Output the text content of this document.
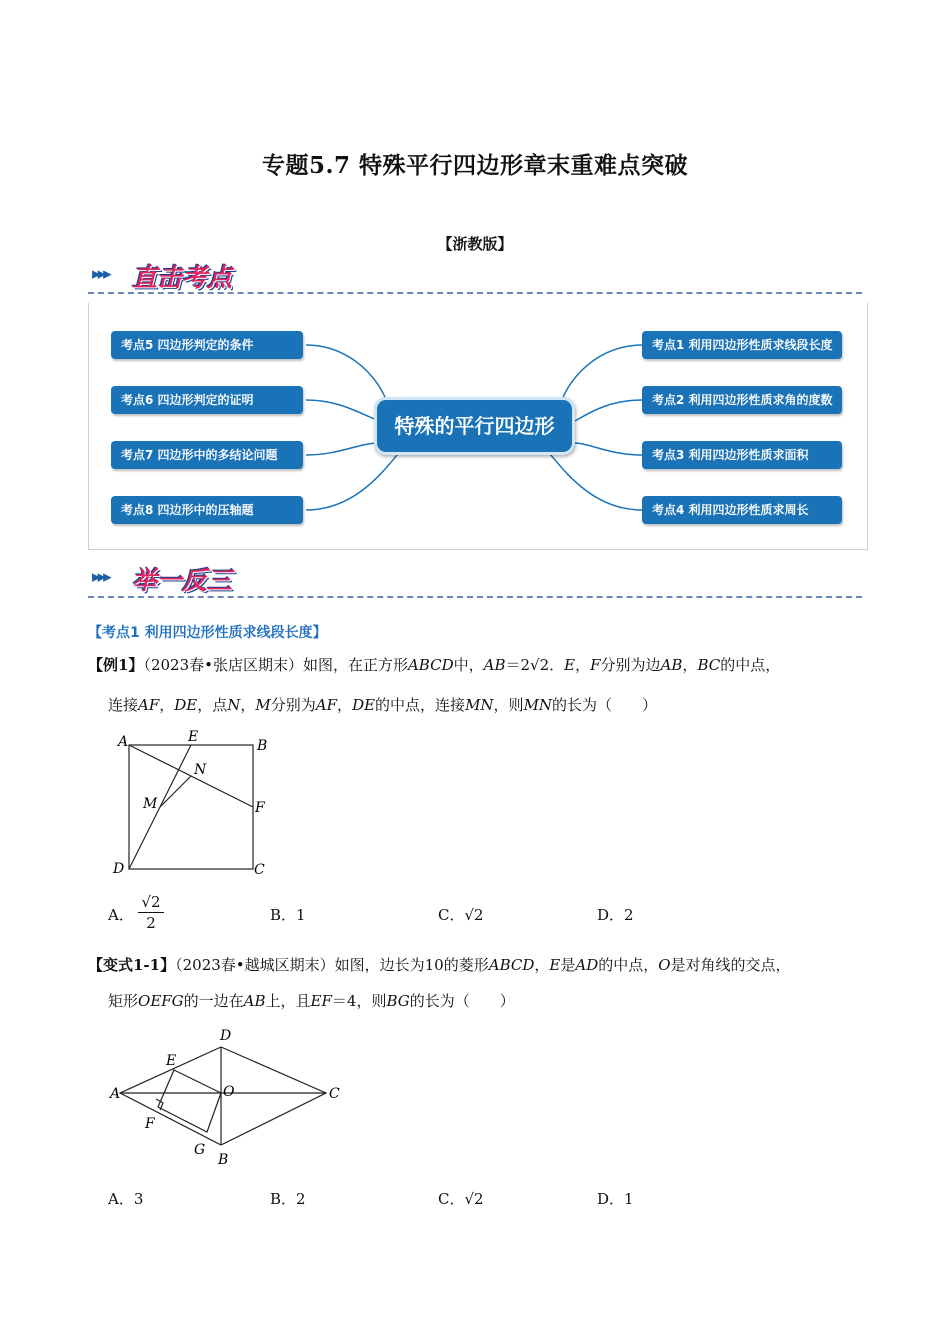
专题5.7 特殊平行四边形章末重难点突破
【浙教版】
▸▸▸ 直击考点
考点5 四边形判定的条件
考点6 四边形判定的证明
考点7 四边形中的多结论问题
考点8 四边形中的压轴题
特殊的平行四边形
考点1 利用四边形性质求线段长度
考点2 利用四边形性质求角的度数
考点3 利用四边形性质求面积
考点4 利用四边形性质求周长
▸▸▸ 举一反三
【考点1 利用四边形性质求线段长度】
【例1】（2023春•张店区期末）如图，在正方形ABCD中，AB＝2√2．E，F分别为边AB，BC的中点，
连接AF，DE，点N，M分别为AF，DE的中点，连接MN，则MN的长为（　　）
A	E
B
N
M	F
D	C
A． $\frac{√2}{2}$	B．1	C．√2	D．2
【变式1-1】（2023春•越城区期末）如图，边长为10的菱形ABCD，E是AD的中点，O是对角线的交点，
矩形OEFG的一边在AB上，且EF＝4，则BG的长为（　　）
D
E
A	O	C
F
G
B
A．3	B．2	C．√2	D．1
